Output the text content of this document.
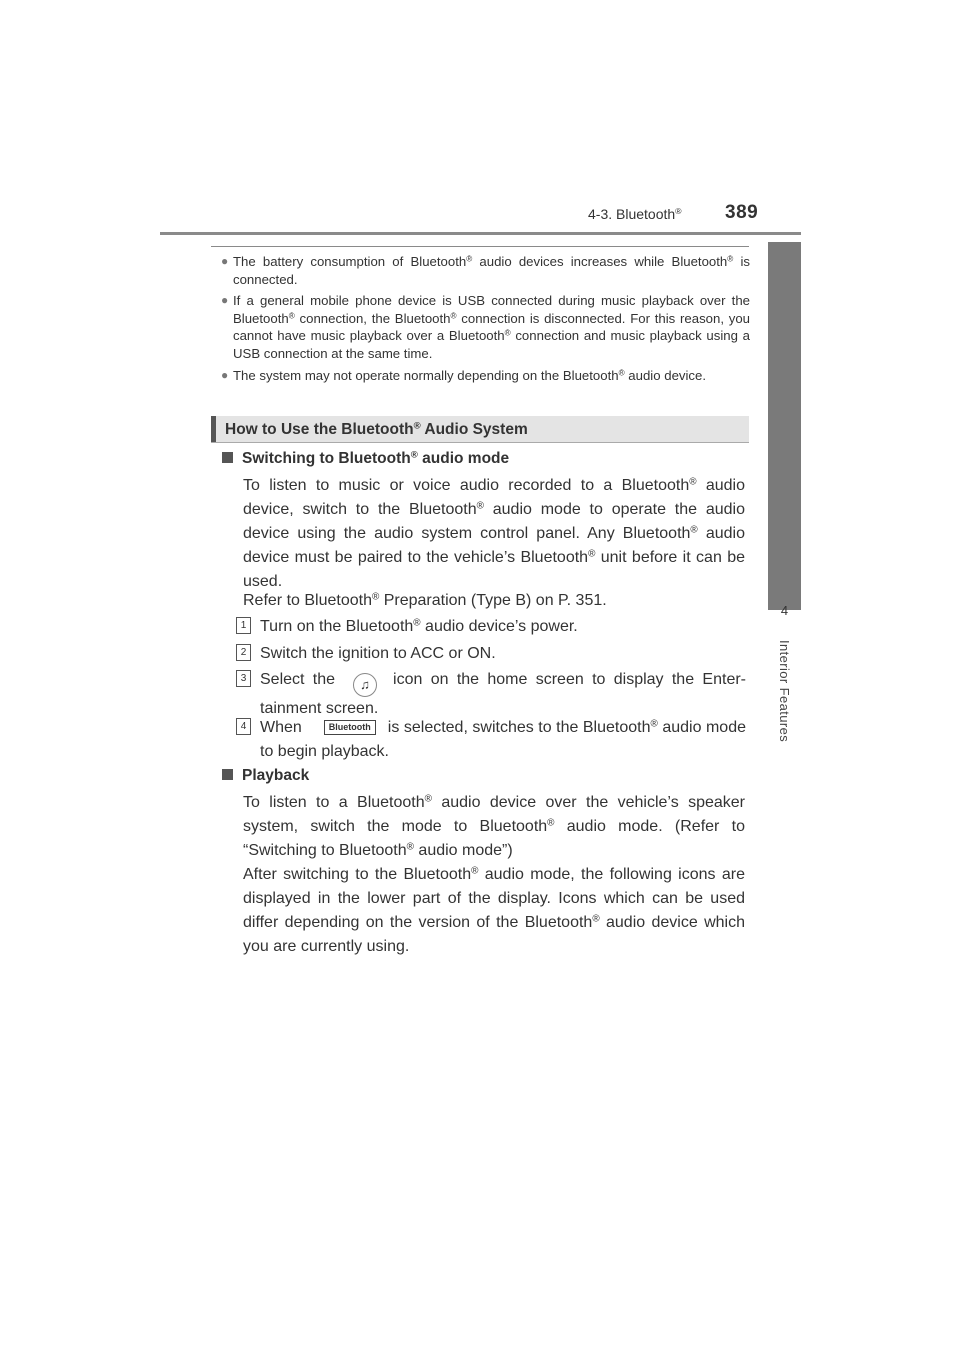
4-3. Bluetooth® 389
4
Interior Features
● The battery consumption of Bluetooth® audio devices increases while Bluetooth® is connected.
● If a general mobile phone device is USB connected during music playback over the Bluetooth® connection, the Bluetooth® connection is disconnected. For this reason, you cannot have music playback over a Bluetooth® connection and music playback using a USB connection at the same time.
● The system may not operate normally depending on the Bluetooth® audio device.
How to Use the Bluetooth® Audio System
Switching to Bluetooth® audio mode
To listen to music or voice audio recorded to a Bluetooth® audio device, switch to the Bluetooth® audio mode to operate the audio device using the audio system control panel. Any Bluetooth® audio device must be paired to the vehicle’s Bluetooth® unit before it can be used.
Refer to Bluetooth® Preparation (Type B) on P. 351.
1 Turn on the Bluetooth® audio device’s power.
2 Switch the ignition to ACC or ON.
3 Select the ♫ icon on the home screen to display the Enter-tainment screen.
4 When	Bluetooth is selected, switches to the Bluetooth® audio mode to begin playback.
Playback
To listen to a Bluetooth® audio device over the vehicle’s speaker system, switch the mode to Bluetooth® audio mode. (Refer to “Switching to Bluetooth® audio mode”)
After switching to the Bluetooth® audio mode, the following icons are displayed in the lower part of the display. Icons which can be used differ depending on the version of the Bluetooth® audio device which you are currently using.
